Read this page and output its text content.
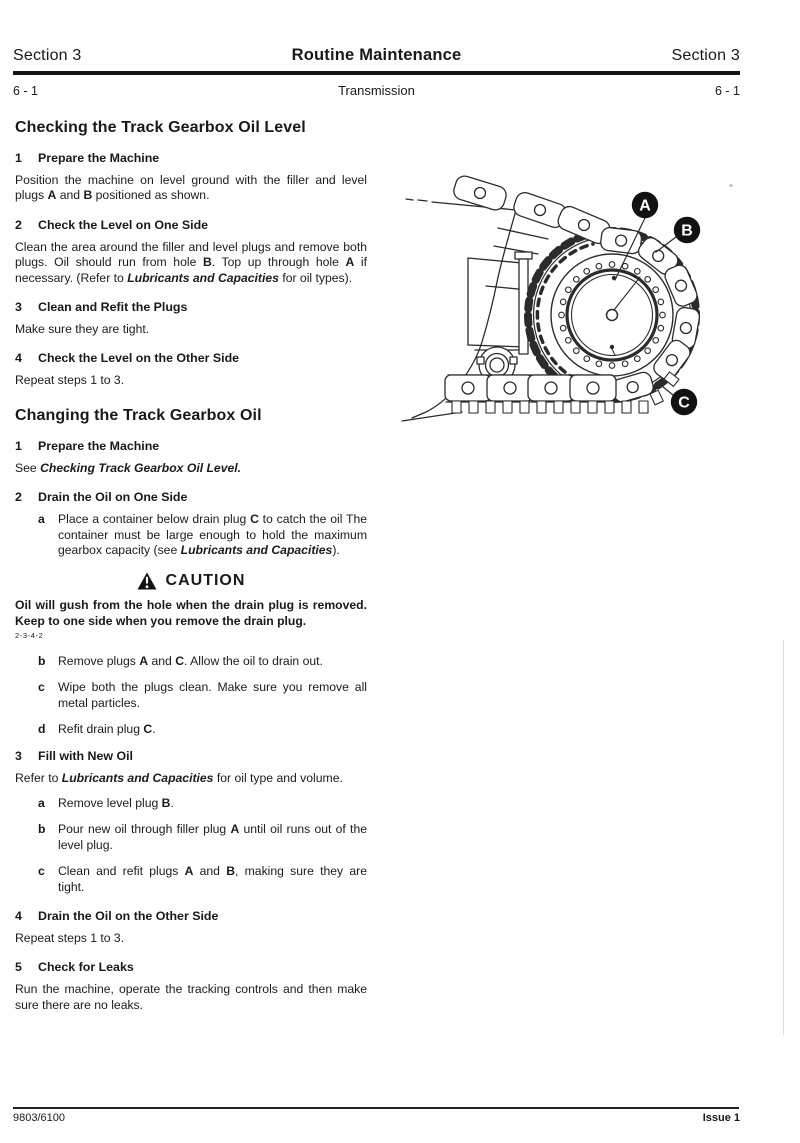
Section 3	Routine Maintenance	Section 3
6 - 1	Transmission	6 - 1
Checking the Track Gearbox Oil Level
1	Prepare the Machine

Position the machine on level ground with the filler and level plugs A and B positioned as shown.

2	Check the Level on One Side

Clean the area around the filler and level plugs and remove both plugs. Oil should run from hole B. Top up through hole A if necessary. (Refer to Lubricants and Capacities for oil types).

3	Clean and Refit the Plugs

Make sure they are tight.

4	Check the Level on the Other Side

Repeat steps 1 to 3.

Changing the Track Gearbox Oil
1	Prepare the Machine

See Checking Track Gearbox Oil Level.

2	Drain the Oil on One Side
a	Place a container below drain plug C to catch the oil The container must be large enough to hold the maximum gearbox capacity (see Lubricants and Capacities).

CAUTION

Oil will gush from the hole when the drain plug is removed. Keep to one side when you remove the drain plug.

2-3-4-2
b	Remove plugs A and C. Allow the oil to drain out.

c	Wipe both the plugs clean. Make sure you remove all metal particles.

d	Refit drain plug C.

3	Fill with New Oil

Refer to Lubricants and Capacities for oil type and volume.

a	Remove level plug B.

b	Pour new oil through filler plug A until oil runs out of the level plug.

c	Clean and refit plugs A and B, making sure they are tight.

4	Drain the Oil on the Other Side

Repeat steps 1 to 3.

5	Check for Leaks

Run the machine, operate the tracking controls and then make sure there are no leaks.

A
B
C
9803/6100	Issue 1
